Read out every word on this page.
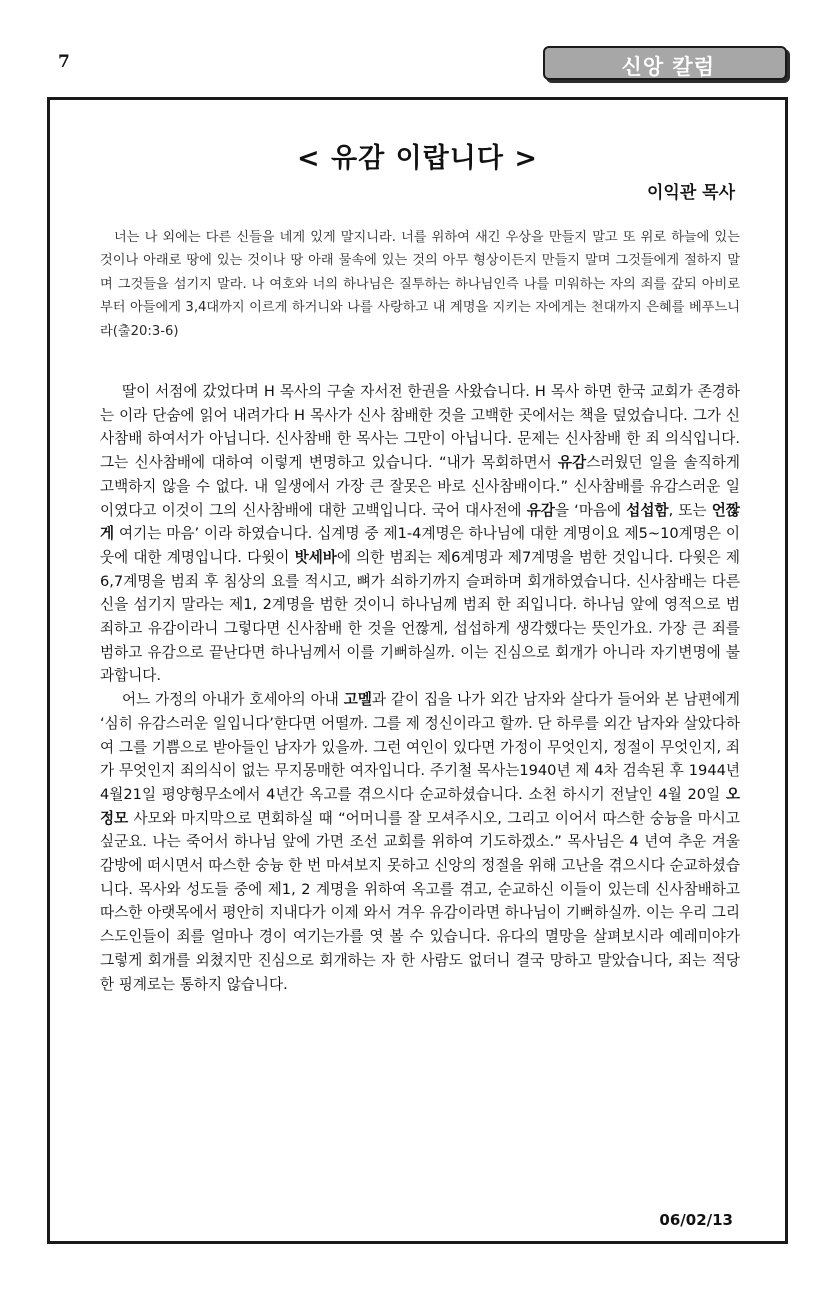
7	신앙 칼럼
< 유감 이랍니다 >
이익관 목사

너는 나 외에는 다른 신들을 네게 있게 말지니라. 너를 위하여 새긴 우상을 만들지 말고 또 위로 하늘에 있는 것이나 아래로 땅에 있는 것이나 땅 아래 물속에 있는 것의 아무 형상이든지 만들지 말며 그것들에게 절하지 말며 그것들을 섬기지 말라. 나 여호와 너의 하나님은 질투하는 하나님인즉 나를 미워하는 자의 죄를 갚되 아비로부터 아들에게 3,4대까지 이르게 하거니와 나를 사랑하고 내 계명을 지키는 자에게는 천대까지 은혜를 베푸느니라(출20:3-6)

딸이 서점에 갔었다며 H 목사의 구술 자서전 한권을 사왔습니다. H 목사 하면 한국 교회가 존경하는 이라 단숨에 읽어 내려가다 H 목사가 신사 참배한 것을 고백한 곳에서는 책을 덮었습니다. 그가 신사참배 하여서가 아닙니다. 신사참배 한 목사는 그만이 아닙니다. 문제는 신사참배 한 죄 의식입니다. 그는 신사참배에 대하여 이렇게 변명하고 있습니다. “내가 목회하면서 유감스러웠던 일을 솔직하게 고백하지 않을 수 없다. 내 일생에서 가장 큰 잘못은 바로 신사참배이다.” 신사참배를 유감스러운 일이였다고 이것이 그의 신사참배에 대한 고백입니다. 국어 대사전에 유감을 ‘마음에 섭섭함, 또는 언짢게 여기는 마음’ 이라 하였습니다. 십계명 중 제1-4계명은 하나님에 대한 계명이요 제5~10계명은 이웃에 대한 계명입니다. 다윗이 밧세바에 의한 범죄는 제6계명과 제7계명을 범한 것입니다. 다윗은 제 6,7계명을 범죄 후 침상의 요를 적시고, 뼈가 쇠하기까지 슬퍼하며 회개하였습니다. 신사참배는 다른 신을 섬기지 말라는 제1, 2계명을 범한 것이니 하나님께 범죄 한 죄입니다. 하나님 앞에 영적으로 범죄하고 유감이라니 그렇다면 신사참배 한 것을 언짢게, 섭섭하게 생각했다는 뜻인가요. 가장 큰 죄를 범하고 유감으로 끝난다면 하나님께서 이를 기뻐하실까. 이는 진심으로 회개가 아니라 자기변명에 불과합니다.

어느 가정의 아내가 호세아의 아내 고멜과 같이 집을 나가 외간 남자와 살다가 들어와 본 남편에게 ‘심히 유감스러운 일입니다’한다면 어떨까. 그를 제 정신이라고 할까. 단 하루를 외간 남자와 살았다하여 그를 기쁨으로 받아들인 남자가 있을까. 그런 여인이 있다면 가정이 무엇인지, 정절이 무엇인지, 죄가 무엇인지 죄의식이 없는 무지몽매한 여자입니다. 주기철 목사는1940년 제 4차 검속된 후 1944년 4월21일 평양형무소에서 4년간 옥고를 겪으시다 순교하셨습니다. 소천 하시기 전날인 4월 20일 오정모 사모와 마지막으로 면회하실 때 “어머니를 잘 모셔주시오, 그리고 이어서 따스한 숭늉을 마시고 싶군요. 나는 죽어서 하나님 앞에 가면 조선 교회를 위하여 기도하겠소.” 목사님은 4 년여 추운 겨울 감방에 떠시면서 따스한 숭늉 한 번 마셔보지 못하고 신앙의 정절을 위해 고난을 겪으시다 순교하셨습니다. 목사와 성도들 중에 제1, 2 계명을 위하여 옥고를 겪고, 순교하신 이들이 있는데 신사참배하고 따스한 아랫목에서 평안히 지내다가 이제 와서 겨우 유감이라면 하나님이 기뻐하실까. 이는 우리 그리스도인들이 죄를 얼마나 경이 여기는가를 엿 볼 수 있습니다. 유다의 멸망을 살펴보시라 예레미야가 그렇게 회개를 외쳤지만 진심으로 회개하는 자 한 사람도 없더니 결국 망하고 말았습니다, 죄는 적당한 핑계로는 통하지 않습니다.

06/02/13
